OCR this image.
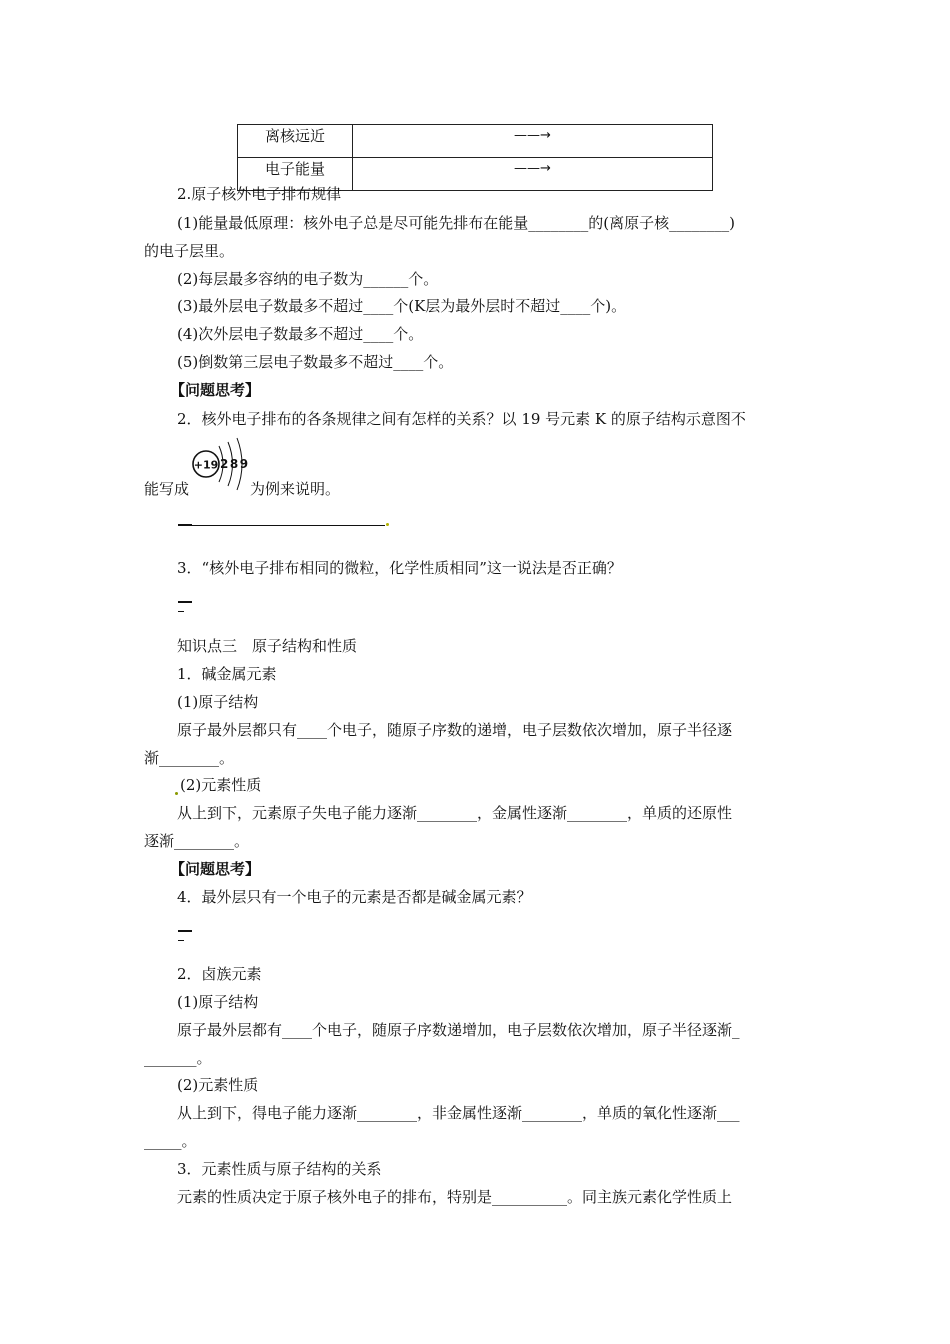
离核远近	——→
电子能量	——→
2.原子核外电子排布规律
(1)能量最低原理：核外电子总是尽可能先排布在能量________的(离原子核________)
的电子层里。
(2)每层最多容纳的电子数为______个。
(3)最外层电子数最多不超过____个(K层为最外层时不超过____个)。
(4)次外层电子数最多不超过____个。
(5)倒数第三层电子数最多不超过____个。
【问题思考】
2．核外电子排布的各条规律之间有怎样的关系？以 19 号元素 K 的原子结构示意图不
+19 289
能写成	为例来说明。
3．“核外电子排布相同的微粒，化学性质相同”这一说法是否正确？
知识点三　原子结构和性质
1．碱金属元素
(1)原子结构
原子最外层都只有____个电子，随原子序数的递增，电子层数依次增加，原子半径逐
渐________。
(2)元素性质
从上到下，元素原子失电子能力逐渐________，金属性逐渐________，单质的还原性
逐渐________。
【问题思考】
4．最外层只有一个电子的元素是否都是碱金属元素？
2．卤族元素
(1)原子结构
原子最外层都有____个电子，随原子序数递增加，电子层数依次增加，原子半径逐渐_
_______。
(2)元素性质
从上到下，得电子能力逐渐________，非金属性逐渐________，单质的氧化性逐渐___
_____。
3．元素性质与原子结构的关系
元素的性质决定于原子核外电子的排布，特别是__________。同主族元素化学性质上
